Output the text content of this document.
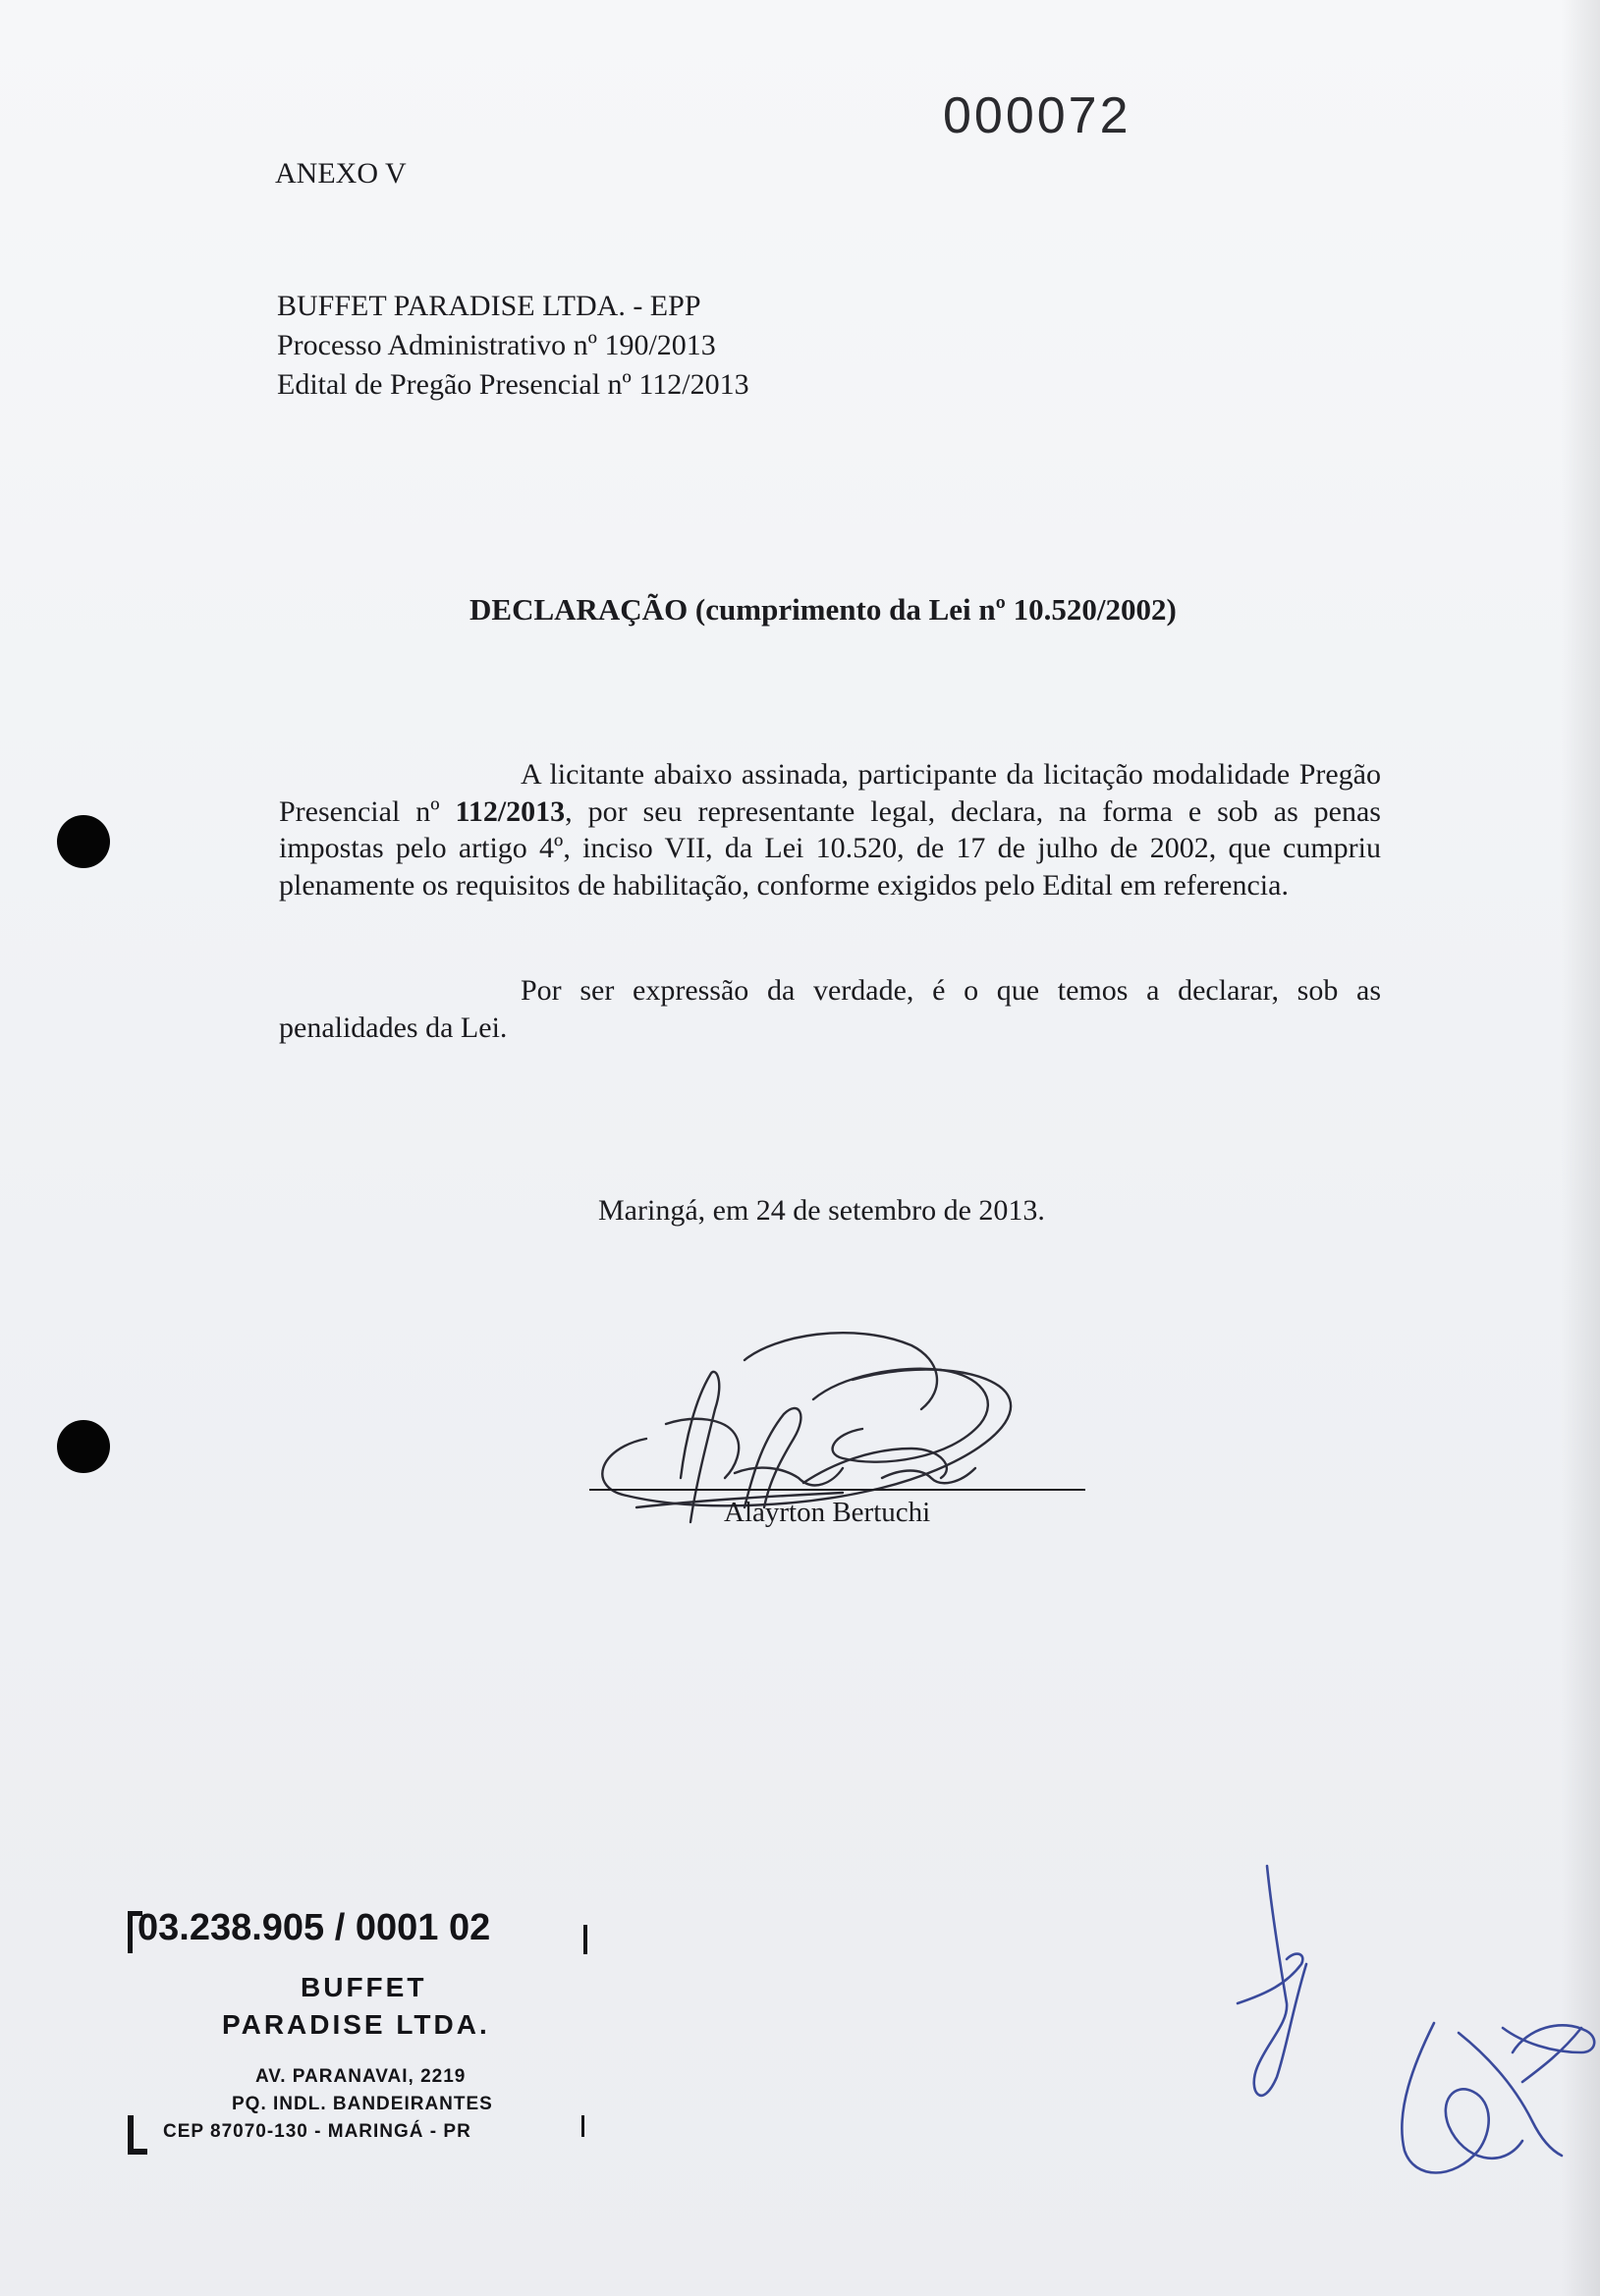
000072
ANEXO V
BUFFET PARADISE LTDA. - EPP
Processo Administrativo nº 190/2013
Edital de Pregão Presencial nº 112/2013
DECLARAÇÃO (cumprimento da Lei nº 10.520/2002)

A licitante abaixo assinada, participante da licitação modalidade Pregão Presencial nº 112/2013, por seu representante legal, declara, na forma e sob as penas impostas pelo artigo 4º, inciso VII, da Lei 10.520, de 17 de julho de 2002, que cumpriu plenamente os requisitos de habilitação, conforme exigidos pelo Edital em referencia.

Por ser expressão da verdade, é o que temos a declarar, sob as penalidades da Lei.

Maringá, em 24 de setembro de 2013.
Alayrton Bertuchi
03.238.905 / 0001 02
BUFFET
PARADISE LTDA.
AV. PARANAVAI, 2219
PQ. INDL. BANDEIRANTES
CEP 87070-130 - MARINGÁ - PR
